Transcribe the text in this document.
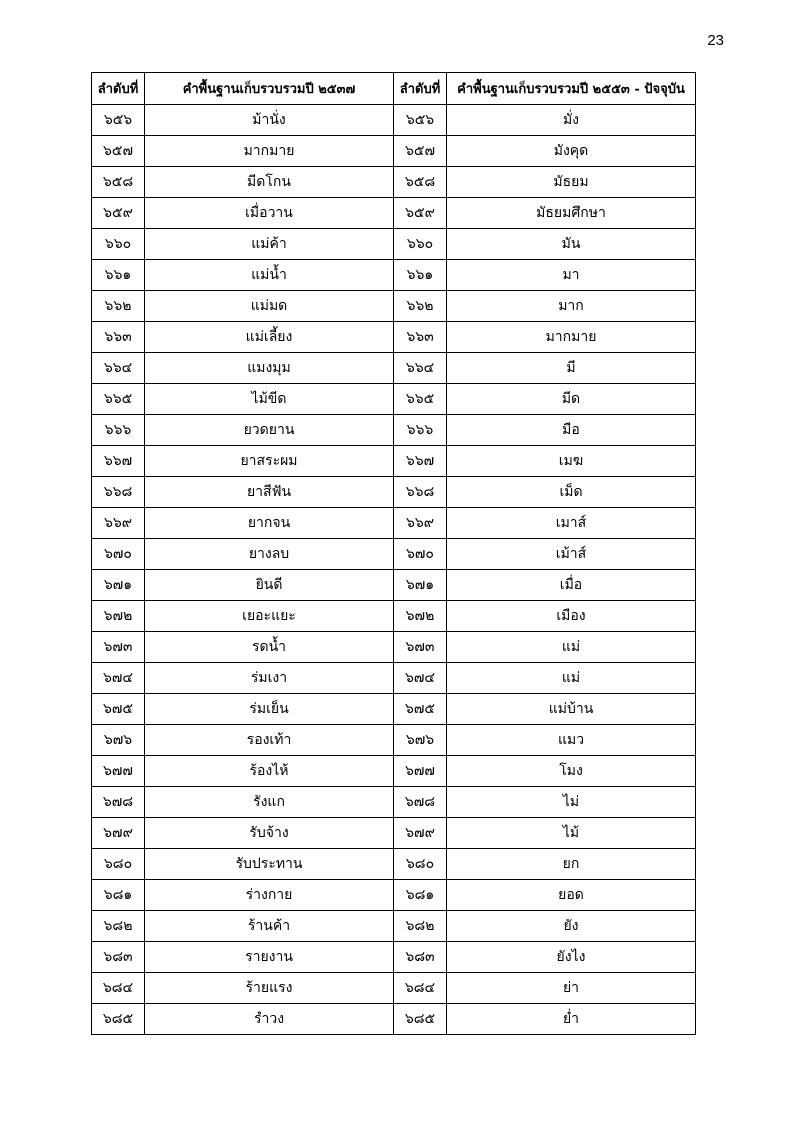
23
ลำดับที่	คำพื้นฐานเก็บรวบรวมปี ๒๕๓๗	ลำดับที่	คำพื้นฐานเก็บรวบรวมปี ๒๕๕๓ - ปัจจุบัน
๖๕๖	ม้านั่ง	๖๕๖	มั่ง
๖๕๗	มากมาย	๖๕๗	มังคุด
๖๕๘	มีดโกน	๖๕๘	มัธยม
๖๕๙	เมื่อวาน	๖๕๙	มัธยมศึกษา
๖๖๐	แม่ค้า	๖๖๐	มัน
๖๖๑	แม่น้ำ	๖๖๑	มา
๖๖๒	แม่มด	๖๖๒	มาก
๖๖๓	แม่เลี้ยง	๖๖๓	มากมาย
๖๖๔	แมงมุม	๖๖๔	มี
๖๖๕	ไม้ขีด	๖๖๕	มีด
๖๖๖	ยวดยาน	๖๖๖	มือ
๖๖๗	ยาสระผม	๖๖๗	เมฆ
๖๖๘	ยาสีฟัน	๖๖๘	เม็ด
๖๖๙	ยากจน	๖๖๙	เมาส์
๖๗๐	ยางลบ	๖๗๐	เม้าส์
๖๗๑	ยินดี	๖๗๑	เมื่อ
๖๗๒	เยอะแยะ	๖๗๒	เมือง
๖๗๓	รดน้ำ	๖๗๓	แม่
๖๗๔	ร่มเงา	๖๗๔	แม่
๖๗๕	ร่มเย็น	๖๗๕	แม่บ้าน
๖๗๖	รองเท้า	๖๗๖	แมว
๖๗๗	ร้องไห้	๖๗๗	โมง
๖๗๘	รังแก	๖๗๘	ไม่
๖๗๙	รับจ้าง	๖๗๙	ไม้
๖๘๐	รับประทาน	๖๘๐	ยก
๖๘๑	ร่างกาย	๖๘๑	ยอด
๖๘๒	ร้านค้า	๖๘๒	ยัง
๖๘๓	รายงาน	๖๘๓	ยังไง
๖๘๔	ร้ายแรง	๖๘๔	ย่า
๖๘๕	รำวง	๖๘๕	ย่ำ
